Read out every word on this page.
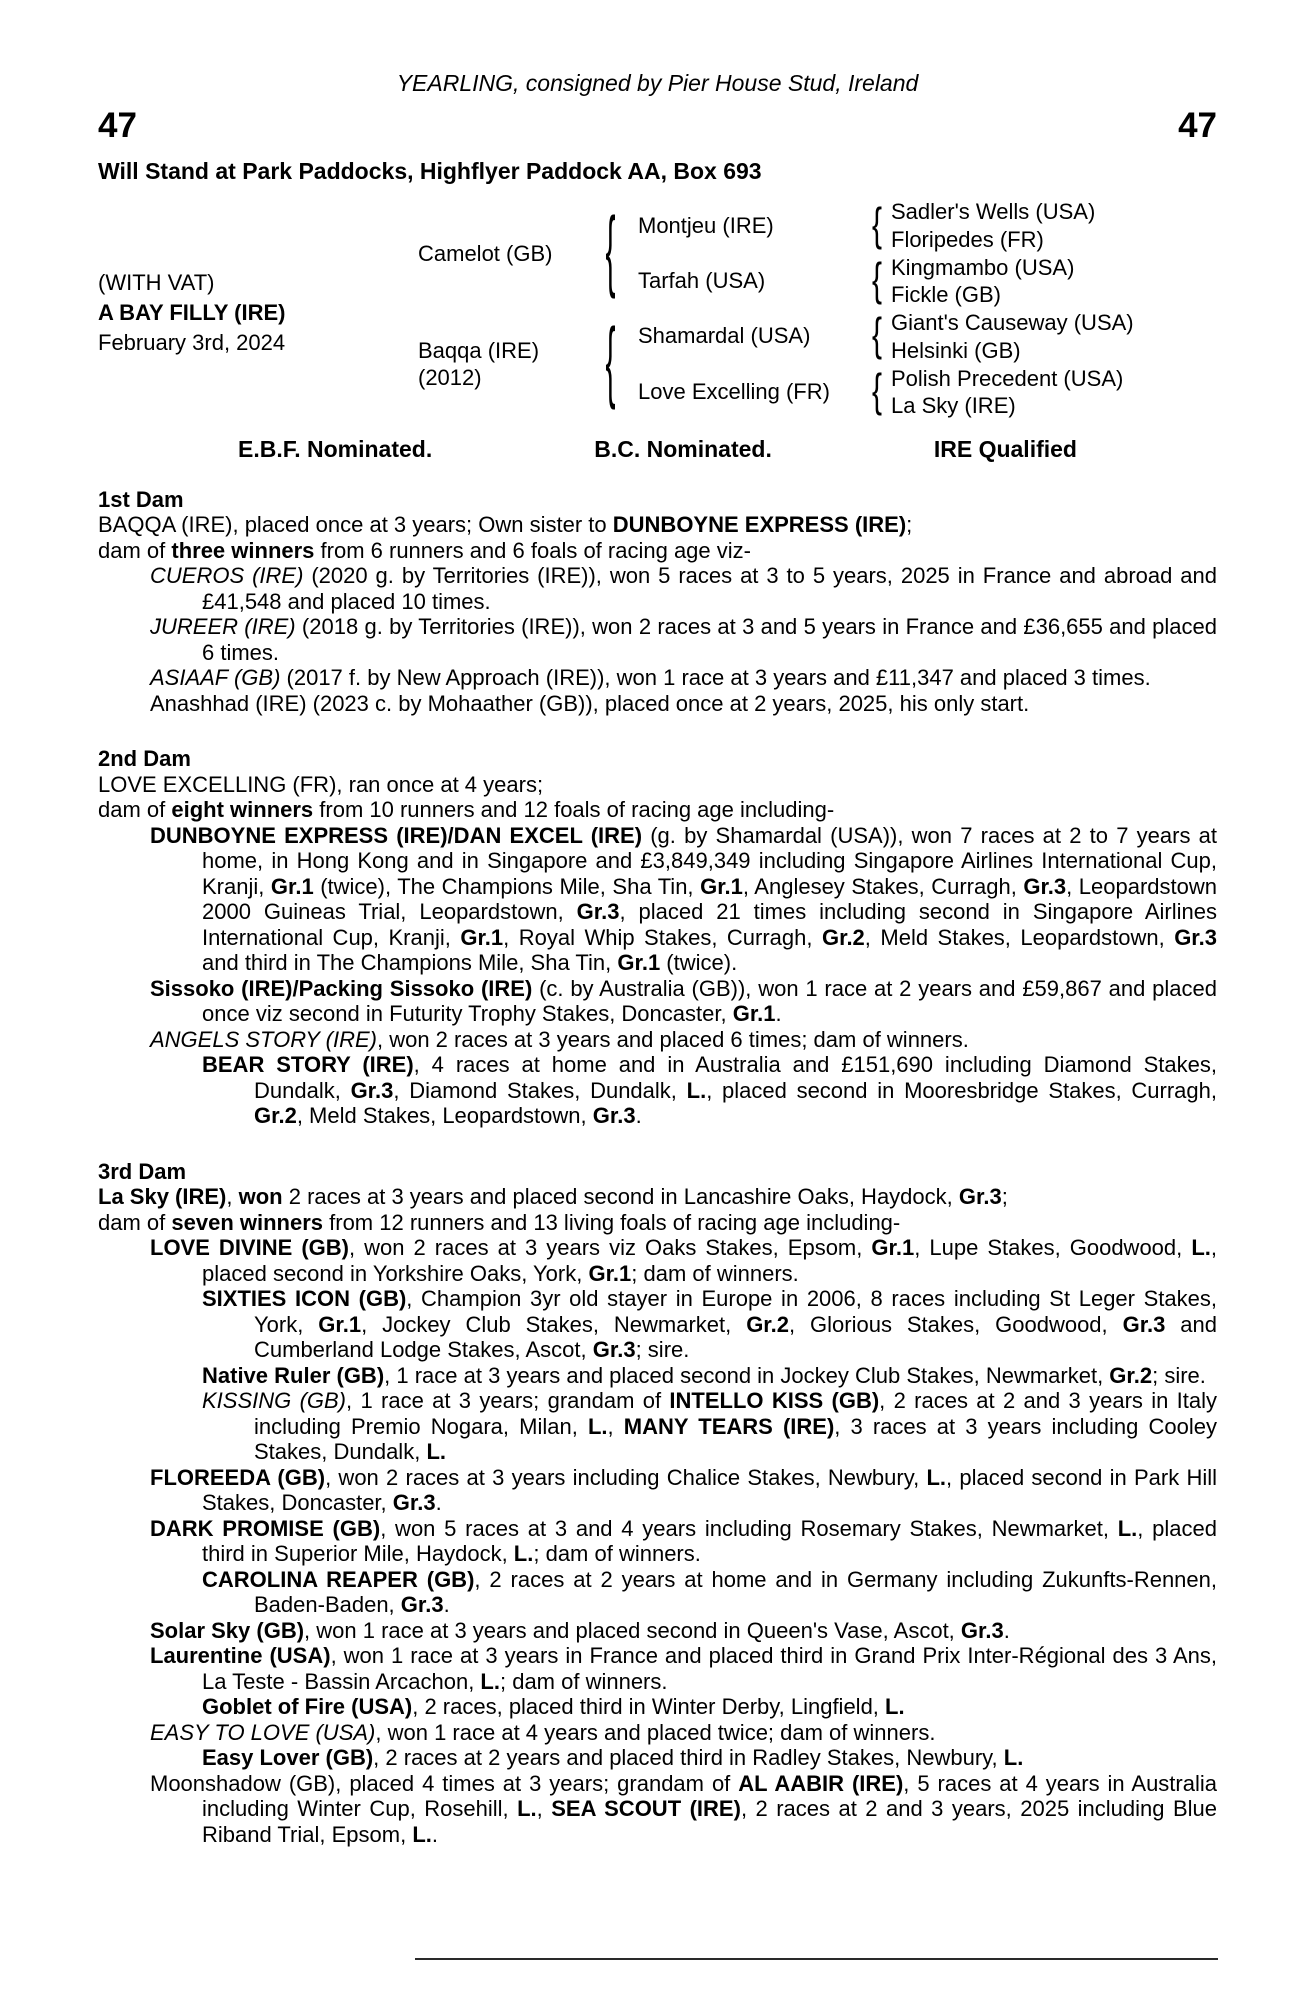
YEARLING, consigned by Pier House Stud, Ireland
47	47
Will Stand at Park Paddocks, Highflyer Paddock AA, Box 693
(WITH VAT)
A BAY FILLY (IRE)
February 3rd, 2024
Camelot (GB)	{ Montjeu (IRE)	{ Sadler's Wells (USA)
Floripedes (FR)
Tarfah (USA)	{ Kingmambo (USA)
Fickle (GB)
Baqqa (IRE)
(2012)	{ Shamardal (USA)	{ Giant's Causeway (USA)
Helsinki (GB)
Love Excelling (FR)	{ Polish Precedent (USA)
La Sky (IRE)
E.B.F. Nominated.	B.C. Nominated.	IRE Qualified
1st Dam
BAQQA (IRE), placed once at 3 years; Own sister to DUNBOYNE EXPRESS (IRE);
dam of three winners from 6 runners and 6 foals of racing age viz-
CUEROS (IRE) (2020 g. by Territories (IRE)), won 5 races at 3 to 5 years, 2025 in France and abroad and £41,548 and placed 10 times.
JUREER (IRE) (2018 g. by Territories (IRE)), won 2 races at 3 and 5 years in France and £36,655 and placed 6 times.
ASIAAF (GB) (2017 f. by New Approach (IRE)), won 1 race at 3 years and £11,347 and placed 3 times.
Anashhad (IRE) (2023 c. by Mohaather (GB)), placed once at 2 years, 2025, his only start.
2nd Dam
LOVE EXCELLING (FR), ran once at 4 years;
dam of eight winners from 10 runners and 12 foals of racing age including-
DUNBOYNE EXPRESS (IRE)/DAN EXCEL (IRE) (g. by Shamardal (USA)), won 7 races at 2 to 7 years at home, in Hong Kong and in Singapore and £3,849,349 including Singapore Airlines International Cup, Kranji, Gr.1 (twice), The Champions Mile, Sha Tin, Gr.1, Anglesey Stakes, Curragh, Gr.3, Leopardstown 2000 Guineas Trial, Leopardstown, Gr.3, placed 21 times including second in Singapore Airlines International Cup, Kranji, Gr.1, Royal Whip Stakes, Curragh, Gr.2, Meld Stakes, Leopardstown, Gr.3 and third in The Champions Mile, Sha Tin, Gr.1 (twice).
Sissoko (IRE)/Packing Sissoko (IRE) (c. by Australia (GB)), won 1 race at 2 years and £59,867 and placed once viz second in Futurity Trophy Stakes, Doncaster, Gr.1.
ANGELS STORY (IRE), won 2 races at 3 years and placed 6 times; dam of winners.
BEAR STORY (IRE), 4 races at home and in Australia and £151,690 including Diamond Stakes, Dundalk, Gr.3, Diamond Stakes, Dundalk, L., placed second in Mooresbridge Stakes, Curragh, Gr.2, Meld Stakes, Leopardstown, Gr.3.
3rd Dam
La Sky (IRE), won 2 races at 3 years and placed second in Lancashire Oaks, Haydock, Gr.3;
dam of seven winners from 12 runners and 13 living foals of racing age including-
LOVE DIVINE (GB), won 2 races at 3 years viz Oaks Stakes, Epsom, Gr.1, Lupe Stakes, Goodwood, L., placed second in Yorkshire Oaks, York, Gr.1; dam of winners.
SIXTIES ICON (GB), Champion 3yr old stayer in Europe in 2006, 8 races including St Leger Stakes, York, Gr.1, Jockey Club Stakes, Newmarket, Gr.2, Glorious Stakes, Goodwood, Gr.3 and Cumberland Lodge Stakes, Ascot, Gr.3; sire.
Native Ruler (GB), 1 race at 3 years and placed second in Jockey Club Stakes, Newmarket, Gr.2; sire.
KISSING (GB), 1 race at 3 years; grandam of INTELLO KISS (GB), 2 races at 2 and 3 years in Italy including Premio Nogara, Milan, L., MANY TEARS (IRE), 3 races at 3 years including Cooley Stakes, Dundalk, L.
FLOREEDA (GB), won 2 races at 3 years including Chalice Stakes, Newbury, L., placed second in Park Hill Stakes, Doncaster, Gr.3.
DARK PROMISE (GB), won 5 races at 3 and 4 years including Rosemary Stakes, Newmarket, L., placed third in Superior Mile, Haydock, L.; dam of winners.
CAROLINA REAPER (GB), 2 races at 2 years at home and in Germany including Zukunfts-Rennen, Baden-Baden, Gr.3.
Solar Sky (GB), won 1 race at 3 years and placed second in Queen's Vase, Ascot, Gr.3.
Laurentine (USA), won 1 race at 3 years in France and placed third in Grand Prix Inter-Régional des 3 Ans, La Teste - Bassin Arcachon, L.; dam of winners.
Goblet of Fire (USA), 2 races, placed third in Winter Derby, Lingfield, L.
EASY TO LOVE (USA), won 1 race at 4 years and placed twice; dam of winners.
Easy Lover (GB), 2 races at 2 years and placed third in Radley Stakes, Newbury, L.
Moonshadow (GB), placed 4 times at 3 years; grandam of AL AABIR (IRE), 5 races at 4 years in Australia including Winter Cup, Rosehill, L., SEA SCOUT (IRE), 2 races at 2 and 3 years, 2025 including Blue Riband Trial, Epsom, L..
